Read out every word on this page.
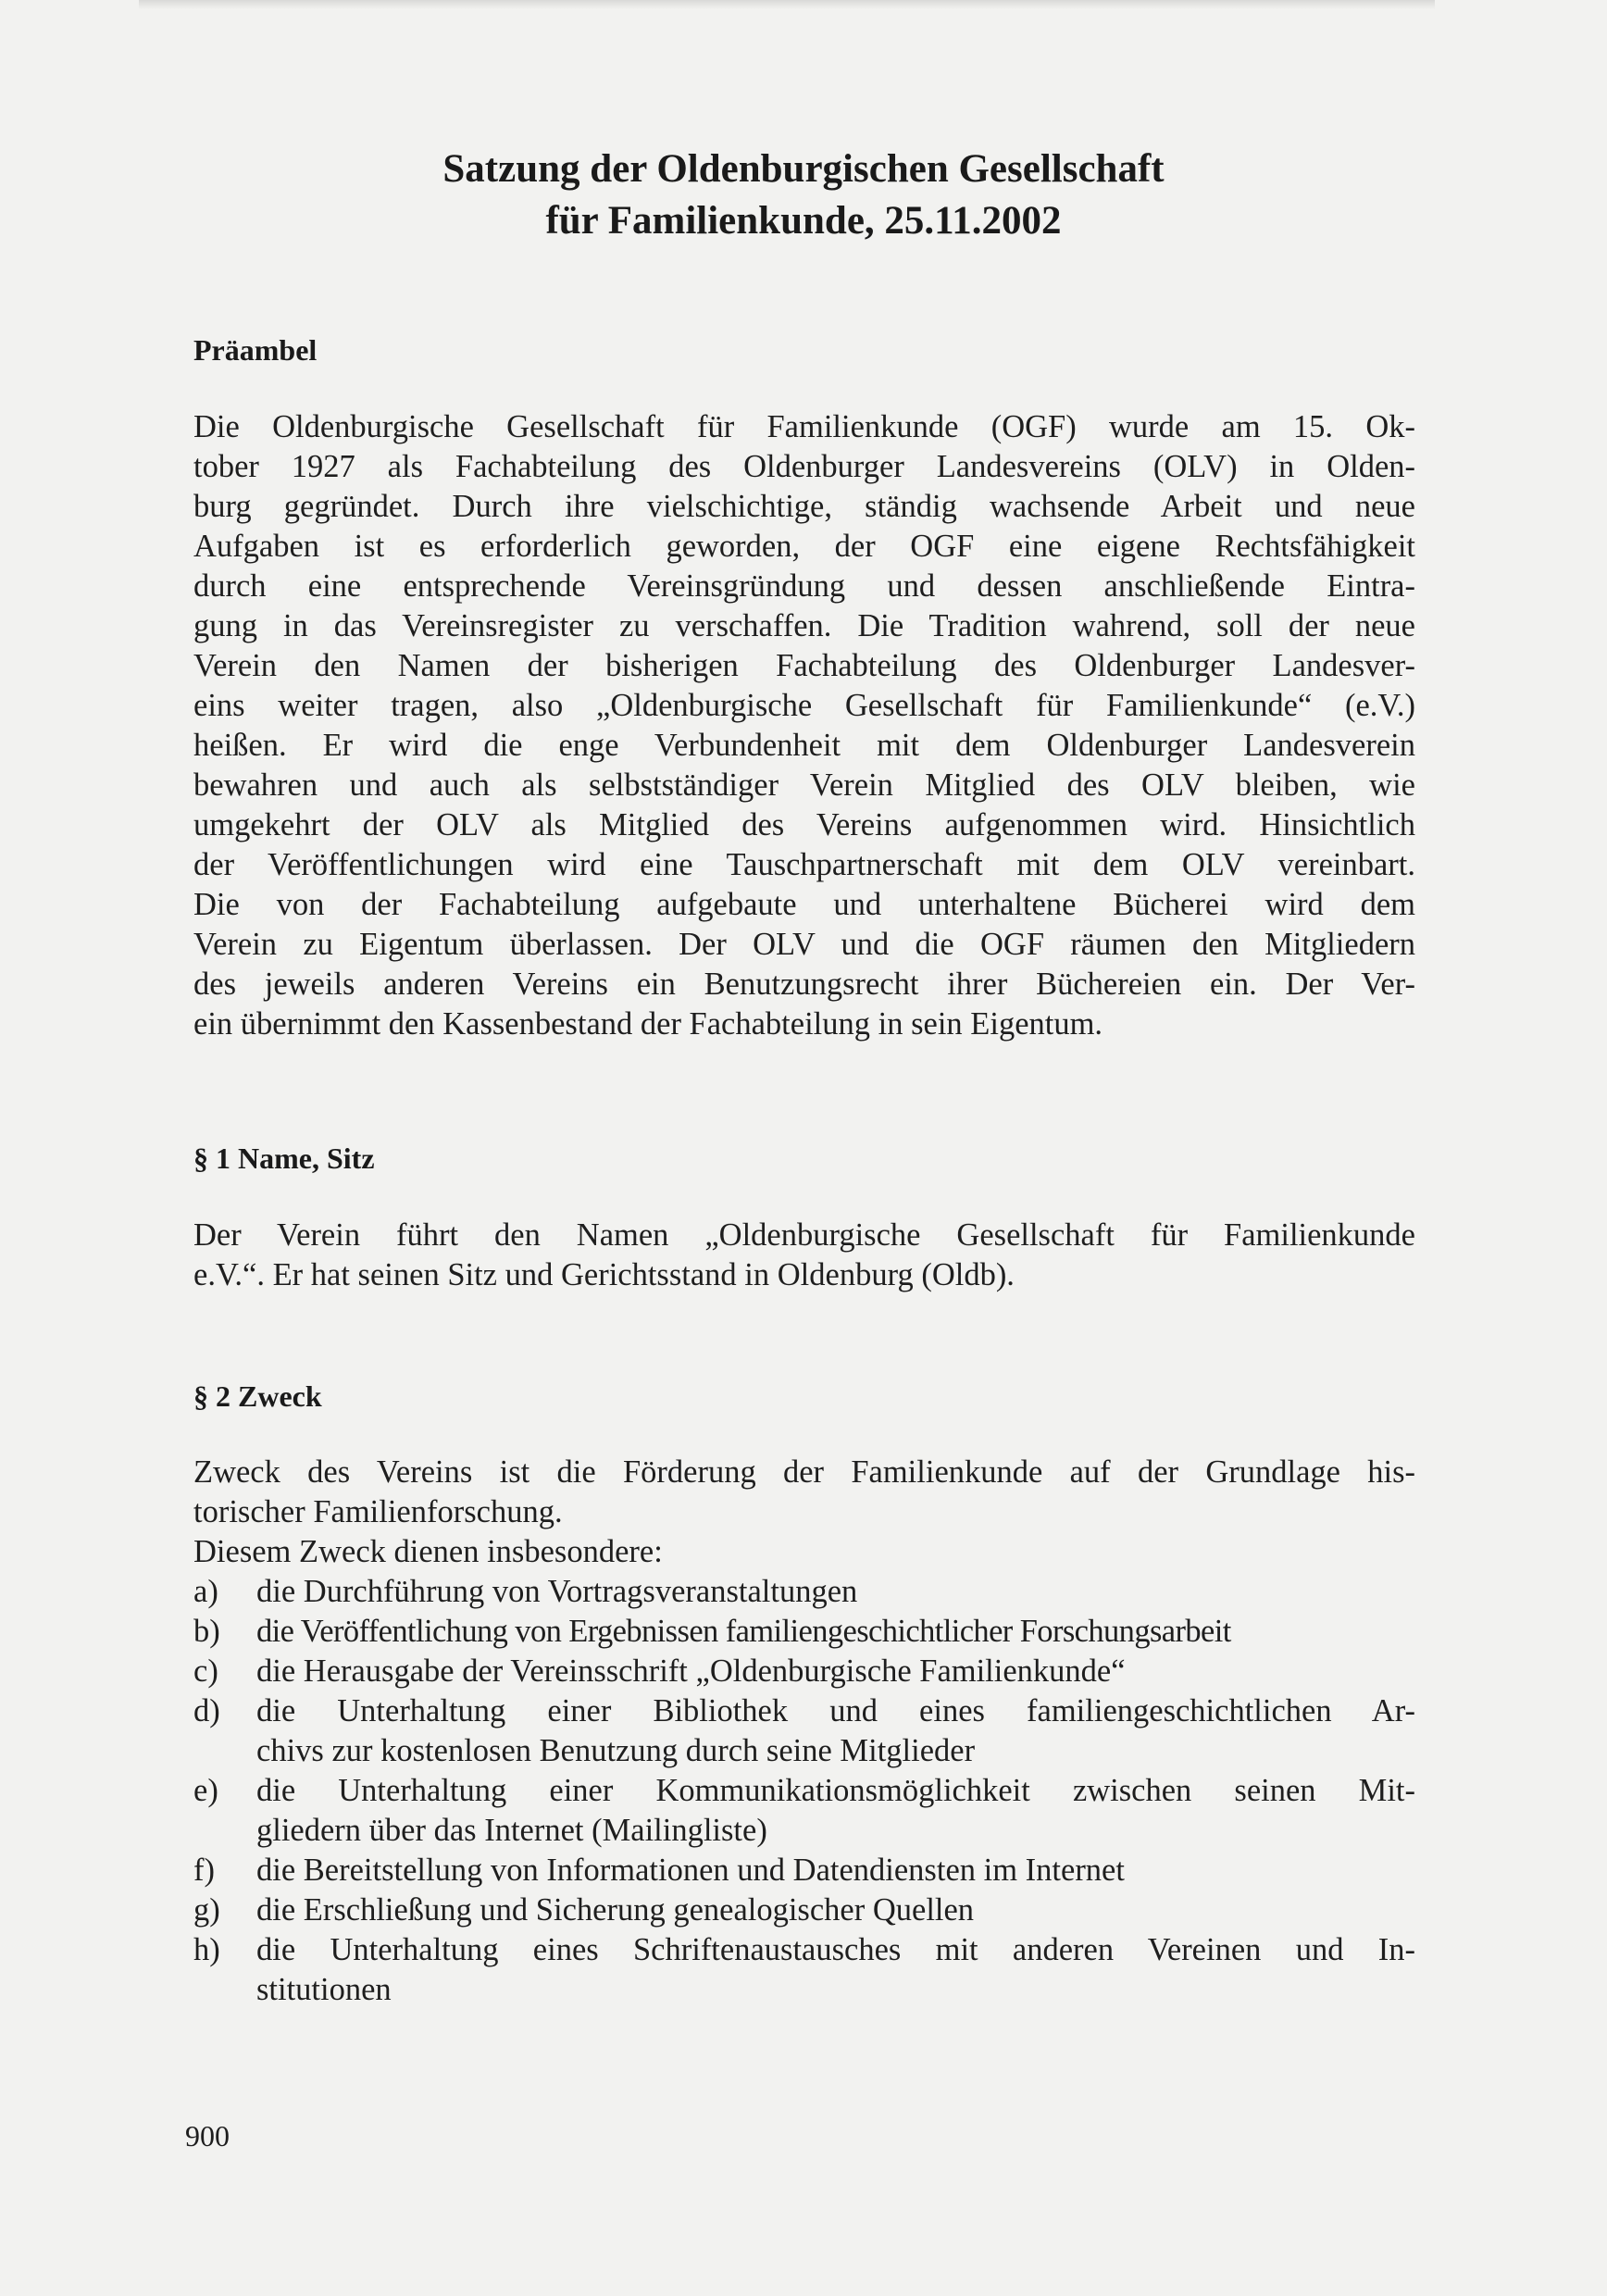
Satzung der Oldenburgischen Gesellschaft
für Familienkunde, 25.11.2002
Präambel
Die Oldenburgische Gesellschaft für Familienkunde (OGF) wurde am 15. Ok-
tober 1927 als Fachabteilung des Oldenburger Landesvereins (OLV) in Olden-
burg gegründet. Durch ihre vielschichtige, ständig wachsende Arbeit und neue
Aufgaben ist es erforderlich geworden, der OGF eine eigene Rechtsfähigkeit
durch eine entsprechende Vereinsgründung und dessen anschließende Eintra-
gung in das Vereinsregister zu verschaffen. Die Tradition wahrend, soll der neue
Verein den Namen der bisherigen Fachabteilung des Oldenburger Landesver-
eins weiter tragen, also „Oldenburgische Gesellschaft für Familienkunde“ (e.V.)
heißen. Er wird die enge Verbundenheit mit dem Oldenburger Landesverein
bewahren und auch als selbstständiger Verein Mitglied des OLV bleiben, wie
umgekehrt der OLV als Mitglied des Vereins aufgenommen wird. Hinsichtlich
der Veröffentlichungen wird eine Tauschpartnerschaft mit dem OLV vereinbart.
Die von der Fachabteilung aufgebaute und unterhaltene Bücherei wird dem
Verein zu Eigentum überlassen. Der OLV und die OGF räumen den Mitgliedern
des jeweils anderen Vereins ein Benutzungsrecht ihrer Büchereien ein. Der Ver-
ein übernimmt den Kassenbestand der Fachabteilung in sein Eigentum.
§ 1 Name, Sitz
Der Verein führt den Namen „Oldenburgische Gesellschaft für Familienkunde
e.V.“. Er hat seinen Sitz und Gerichtsstand in Oldenburg (Oldb).
§ 2 Zweck
Zweck des Vereins ist die Förderung der Familienkunde auf der Grundlage his-
torischer Familienforschung.
Diesem Zweck dienen insbesondere:
a)	die Durchführung von Vortragsveranstaltungen
b)	die Veröffentlichung von Ergebnissen familiengeschichtlicher Forschungsarbeit
c)	die Herausgabe der Vereinsschrift „Oldenburgische Familienkunde“
d)	die Unterhaltung einer Bibliothek und eines familiengeschichtlichen Ar-
chivs zur kostenlosen Benutzung durch seine Mitglieder
e)	die Unterhaltung einer Kommunikationsmöglichkeit zwischen seinen Mit-
gliedern über das Internet (Mailingliste)
f)	die Bereitstellung von Informationen und Datendiensten im Internet
g)	die Erschließung und Sicherung genealogischer Quellen
h)	die Unterhaltung eines Schriftenaustausches mit anderen Vereinen und In-
stitutionen
900
